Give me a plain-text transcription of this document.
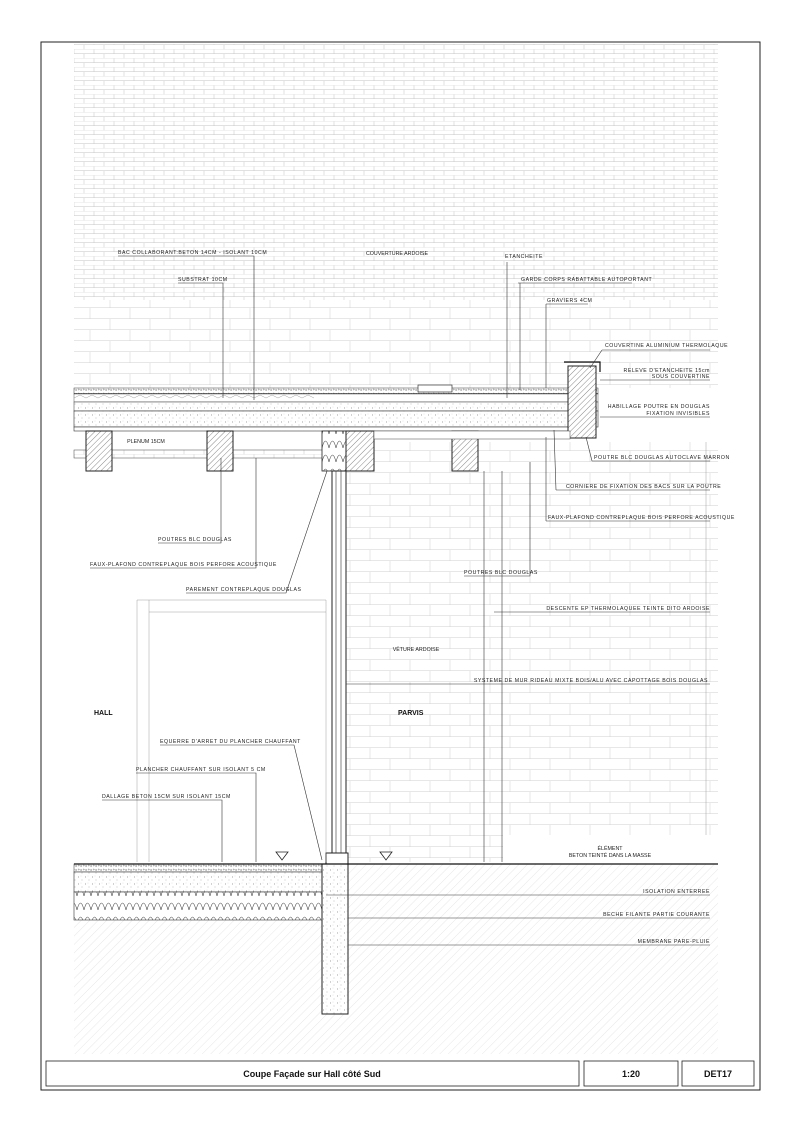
BAC COLLABORANT:BETON 14CM - ISOLANT 10CM
SUBSTRAT 10CM
ETANCHEITE
GARDE CORPS RABATTABLE AUTOPORTANT
GRAVIERS 4CM
COUVERTINE ALUMINIUM THERMOLAQUE
RELEVE D'ETANCHEITE 15cm
SOUS COUVERTINE
HABILLAGE POUTRE EN DOUGLAS
FIXATION INVISIBLES
POUTRE BLC DOUGLAS AUTOCLAVE MARRON
CORNIERE DE FIXATION DES BACS SUR LA POUTRE
FAUX-PLAFOND CONTREPLAQUE BOIS PERFORE ACOUSTIQUE
POUTRES BLC DOUGLAS
FAUX-PLAFOND CONTREPLAQUE BOIS PERFORE ACOUSTIQUE
PAREMENT CONTREPLAQUE DOUGLAS
POUTRES BLC DOUGLAS
DESCENTE EP THERMOLAQUEE TEINTE DITO ARDOISE
SYSTEME DE MUR RIDEAU MIXTE BOIS/ALU AVEC CAPOTTAGE BOIS DOUGLAS
EQUERRE D'ARRET DU PLANCHER CHAUFFANT
PLANCHER CHAUFFANT SUR ISOLANT 5 CM
DALLAGE BETON 15CM SUR ISOLANT 15CM
ISOLATION ENTERREE
BECHE FILANTE PARTIE COURANTE
MEMBRANE PARE-PLUIE
COUVERTURE ARDOISE
PLENUM 15CM
VÊTURE ARDOISE
HALL	PARVIS
ÉLÉMENT
BETON TEINTÉ DANS LA MASSE
Coupe Façade sur Hall côté Sud	1:20	DET17
